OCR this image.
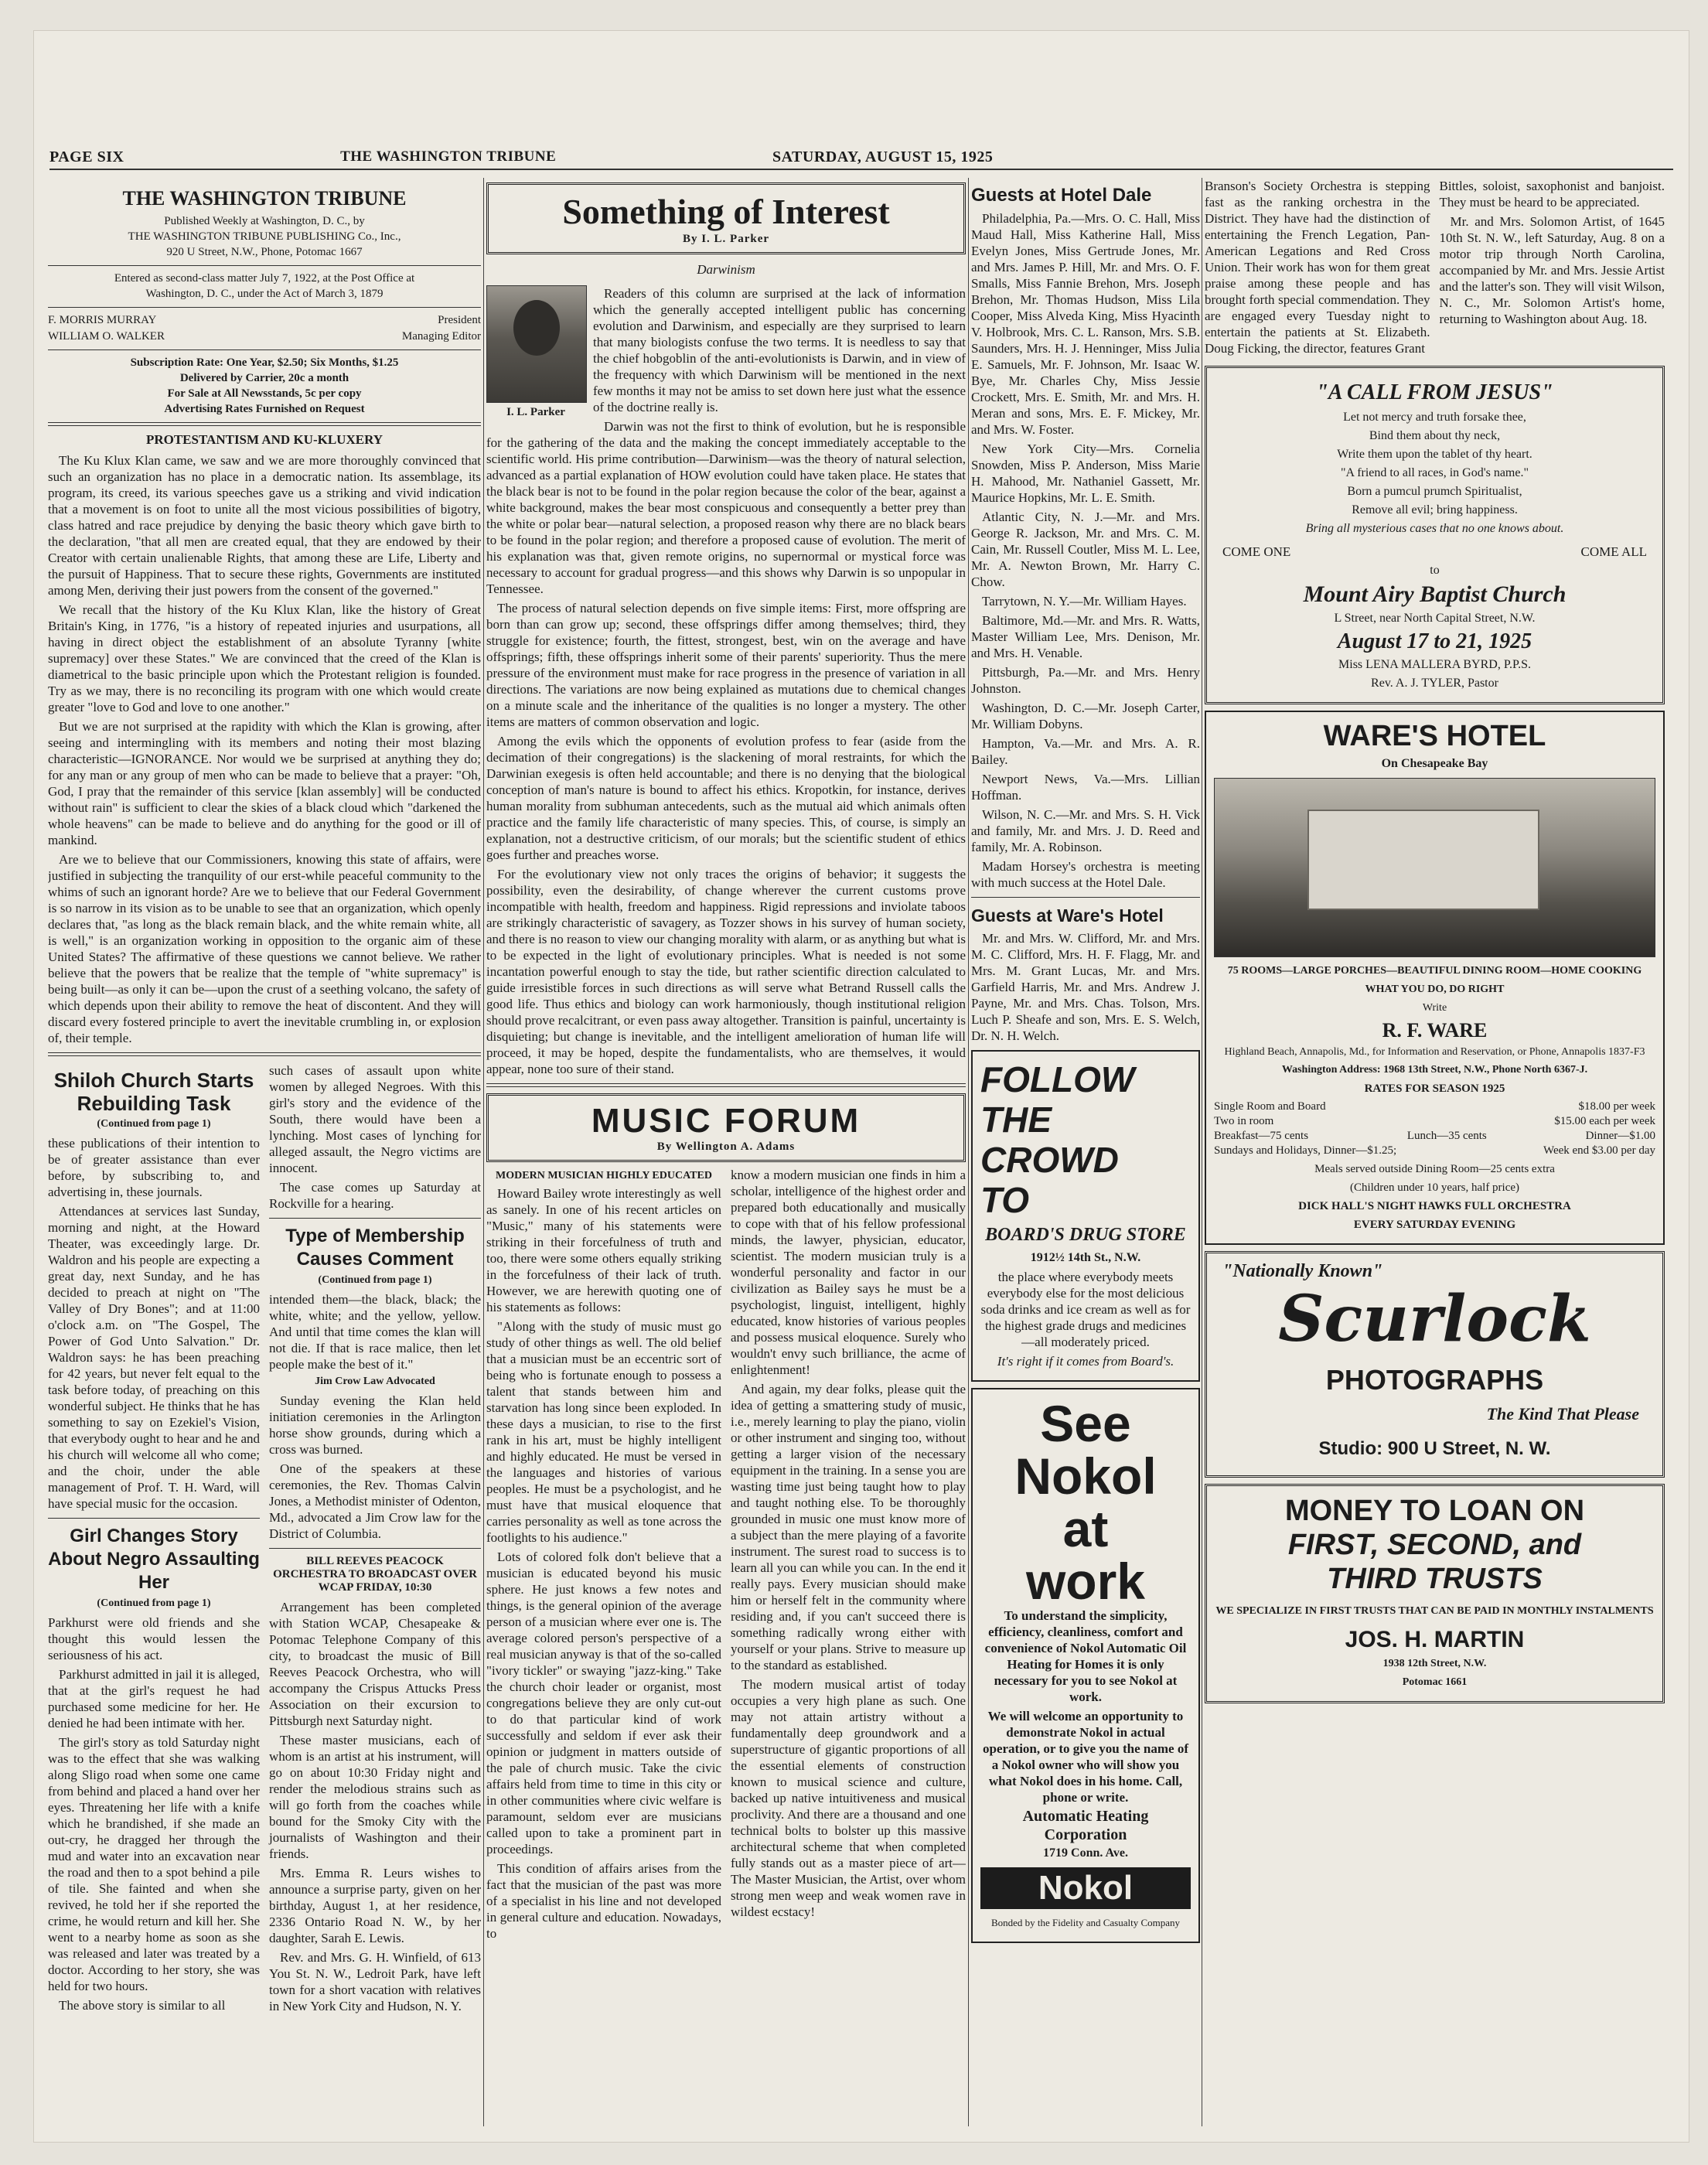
PAGE SIX	THE WASHINGTON TRIBUNE	SATURDAY, AUGUST 15, 1925
THE WASHINGTON TRIBUNE
Published Weekly at Washington, D. C., by
THE WASHINGTON TRIBUNE PUBLISHING Co., Inc.,
920 U Street, N.W., Phone, Potomac 1667
Entered as second-class matter July 7, 1922, at the Post Office at
Washington, D. C., under the Act of March 3, 1879
F. MORRIS MURRAY	President
WILLIAM O. WALKER	Managing Editor
Subscription Rate: One Year, $2.50; Six Months, $1.25
Delivered by Carrier, 20c a month
For Sale at All Newsstands, 5c per copy
Advertising Rates Furnished on Request
PROTESTANTISM AND KU-KLUXERY

The Ku Klux Klan came, we saw and we are more thoroughly convinced that such an organization has no place in a democratic nation. Its assemblage, its program, its creed, its various speeches gave us a striking and vivid indication that a movement is on foot to unite all the most vicious possibilities of bigotry, class hatred and race prejudice by denying the basic theory which gave birth to the declaration, "that all men are created equal, that they are endowed by their Creator with certain unalienable Rights, that among these are Life, Liberty and the pursuit of Happiness. That to secure these rights, Governments are instituted among Men, deriving their just powers from the consent of the governed."

We recall that the history of the Ku Klux Klan, like the history of Great Britain's King, in 1776, "is a history of repeated injuries and usurpations, all having in direct object the establishment of an absolute Tyranny [white supremacy] over these States." We are convinced that the creed of the Klan is diametrical to the basic principle upon which the Protestant religion is founded. Try as we may, there is no reconciling its program with one which would create greater "love to God and love to one another."

But we are not surprised at the rapidity with which the Klan is growing, after seeing and intermingling with its members and noting their most blazing characteristic—IGNORANCE. Nor would we be surprised at anything they do; for any man or any group of men who can be made to believe that a prayer: "Oh, God, I pray that the remainder of this service [klan assembly] will be conducted without rain" is sufficient to clear the skies of a black cloud which "darkened the whole heavens" can be made to believe and do anything for the good or ill of mankind.

Are we to believe that our Commissioners, knowing this state of affairs, were justified in subjecting the tranquility of our erst-while peaceful community to the whims of such an ignorant horde? Are we to believe that our Federal Government is so narrow in its vision as to be unable to see that an organization, which openly declares that, "as long as the black remain black, and the white remain white, all is well," is an organization working in opposition to the organic aim of these United States? The affirmative of these questions we cannot believe. We rather believe that the powers that be realize that the temple of "white supremacy" is being built—as only it can be—upon the crust of a seething volcano, the safety of which depends upon their ability to remove the heat of discontent. And they will discard every fostered principle to avert the inevitable crumbling in, or explosion of, their temple.

Shiloh Church Starts Rebuilding Task
(Continued from page 1)

these publications of their intention to be of greater assistance than ever before, by subscribing to, and advertising in, these journals.

Attendances at services last Sunday, morning and night, at the Howard Theater, was exceedingly large. Dr. Waldron and his people are expecting a great day, next Sunday, and he has decided to preach at night on "The Valley of Dry Bones"; and at 11:00 o'clock a.m. on "The Gospel, The Power of God Unto Salvation." Dr. Waldron says: he has been preaching for 42 years, but never felt equal to the task before today, of preaching on this wonderful subject. He thinks that he has something to say on Ezekiel's Vision, that everybody ought to hear and he and his church will welcome all who come; and the choir, under the able management of Prof. T. H. Ward, will have special music for the occasion.

Girl Changes Story About Negro Assaulting Her
(Continued from page 1)

Parkhurst were old friends and she thought this would lessen the seriousness of his act.

Parkhurst admitted in jail it is alleged, that at the girl's request he had purchased some medicine for her. He denied he had been intimate with her.

The girl's story as told Saturday night was to the effect that she was walking along Sligo road when some one came from behind and placed a hand over her eyes. Threatening her life with a knife which he brandished, if she made an out-cry, he dragged her through the mud and water into an excavation near the road and then to a spot behind a pile of tile. She fainted and when she revived, he told her if she reported the crime, he would return and kill her. She went to a nearby home as soon as she was released and later was treated by a doctor. According to her story, she was held for two hours.

The above story is similar to all

such cases of assault upon white women by alleged Negroes. With this girl's story and the evidence of the South, there would have been a lynching. Most cases of lynching for alleged assault, the Negro victims are innocent.

The case comes up Saturday at Rockville for a hearing.

Type of Membership Causes Comment
(Continued from page 1)

intended them—the black, black; the white, white; and the yellow, yellow. And until that time comes the klan will not die. If that is race malice, then let people make the best of it."

Jim Crow Law Advocated

Sunday evening the Klan held initiation ceremonies in the Arlington horse show grounds, during which a cross was burned.

One of the speakers at these ceremonies, the Rev. Thomas Calvin Jones, a Methodist minister of Odenton, Md., advocated a Jim Crow law for the District of Columbia.

BILL REEVES PEACOCK ORCHESTRA TO BROADCAST OVER WCAP FRIDAY, 10:30

Arrangement has been completed with Station WCAP, Chesapeake & Potomac Telephone Company of this city, to broadcast the music of Bill Reeves Peacock Orchestra, who will accompany the Crispus Attucks Press Association on their excursion to Pittsburgh next Saturday night.

These master musicians, each of whom is an artist at his instrument, will go on about 10:30 Friday night and render the melodious strains such as will go forth from the coaches while bound for the Smoky City with the journalists of Washington and their friends.

Mrs. Emma R. Leurs wishes to announce a surprise party, given on her birthday, August 1, at her residence, 2336 Ontario Road N. W., by her daughter, Sarah E. Lewis.

Rev. and Mrs. G. H. Winfield, of 613 You St. N. W., Ledroit Park, have left town for a short vacation with relatives in New York City and Hudson, N. Y.

Something of Interest
By I. L. Parker
Darwinism
I. L. Parker

Readers of this column are surprised at the lack of information which the generally accepted intelligent public has concerning evolution and Darwinism, and especially are they surprised to learn that many biologists confuse the two terms. It is needless to say that the chief hobgoblin of the anti-evolutionists is Darwin, and in view of the frequency with which Darwinism will be mentioned in the next few months it may not be amiss to set down here just what the essence of the doctrine really is.

Darwin was not the first to think of evolution, but he is responsible for the gathering of the data and the making the concept immediately acceptable to the scientific world. His prime contribution—Darwinism—was the theory of natural selection, advanced as a partial explanation of HOW evolution could have taken place. He states that the black bear is not to be found in the polar region because the color of the bear, against a white background, makes the bear most conspicuous and consequently a better prey than the white or polar bear—natural selection, a proposed reason why there are no black bears to be found in the polar region; and therefore a proposed cause of evolution. The merit of his explanation was that, given remote origins, no supernormal or mystical force was necessary to account for gradual progress—and this shows why Darwin is so unpopular in Tennessee.

The process of natural selection depends on five simple items: First, more offspring are born than can grow up; second, these offsprings differ among themselves; third, they struggle for existence; fourth, the fittest, strongest, best, win on the average and have offsprings; fifth, these offsprings inherit some of their parents' superiority. Thus the mere pressure of the environment must make for race progress in the presence of variation in all directions. The variations are now being explained as mutations due to chemical changes on a minute scale and the inheritance of the qualities is no longer a mystery. The other items are matters of common observation and logic.

Among the evils which the opponents of evolution profess to fear (aside from the decimation of their congregations) is the slackening of moral restraints, for which the Darwinian exegesis is often held accountable; and there is no denying that the biological conception of man's nature is bound to affect his ethics. Kropotkin, for instance, derives human morality from subhuman antecedents, such as the mutual aid which animals often practice and the family life characteristic of many species. This, of course, is simply an explanation, not a destructive criticism, of our morals; but the scientific student of ethics goes further and preaches worse.

For the evolutionary view not only traces the origins of behavior; it suggests the possibility, even the desirability, of change wherever the current customs prove incompatible with health, freedom and happiness. Rigid repressions and inviolate taboos are strikingly characteristic of savagery, as Tozzer shows in his survey of human society, and there is no reason to view our changing morality with alarm, or as anything but what is to be expected in the light of evolutionary principles. What is needed is not some incantation powerful enough to stay the tide, but rather scientific direction calculated to guide irresistible forces in such directions as will serve what Betrand Russell calls the good life. Thus ethics and biology can work harmoniously, though institutional religion should prove recalcitrant, or even pass away altogether. Transition is painful, uncertainty is disquieting; but change is inevitable, and the intelligent amelioration of human life will proceed, it may be hoped, despite the fundamentalists, who are themselves, it would appear, none too sure of their stand.

MUSIC FORUM
By Wellington A. Adams
MODERN MUSICIAN HIGHLY EDUCATED

Howard Bailey wrote interestingly as well as sanely. In one of his recent articles on "Music," many of his statements were striking in their forcefulness of truth and too, there were some others equally striking in the forcefulness of their lack of truth. However, we are herewith quoting one of his statements as follows:

"Along with the study of music must go study of other things as well. The old belief that a musician must be an eccentric sort of being who is fortunate enough to possess a talent that stands between him and starvation has long since been exploded. In these days a musician, to rise to the first rank in his art, must be highly intelligent and highly educated. He must be versed in the languages and histories of various peoples. He must be a psychologist, and he must have that musical eloquence that carries personality as well as tone across the footlights to his audience."

Lots of colored folk don't believe that a musician is educated beyond his music sphere. He just knows a few notes and things, is the general opinion of the average person of a musician where ever one is. The average colored person's perspective of a real musician anyway is that of the so-called "ivory tickler" or swaying "jazz-king." Take the church choir leader or organist, most congregations believe they are only cut-out to do that particular kind of work successfully and seldom if ever ask their opinion or judgment in matters outside of the pale of church music. Take the civic affairs held from time to time in this city or in other communities where civic welfare is paramount, seldom ever are musicians called upon to take a prominent part in proceedings.

This condition of affairs arises from the fact that the musician of the past was more of a specialist in his line and not developed in general culture and education. Nowadays, to

know a modern musician one finds in him a scholar, intelligence of the highest order and prepared both educationally and musically to cope with that of his fellow professional minds, the lawyer, physician, educator, scientist. The modern musician truly is a wonderful personality and factor in our civilization as Bailey says he must be a psychologist, linguist, intelligent, highly educated, know histories of various peoples and possess musical eloquence. Surely who wouldn't envy such brilliance, the acme of enlightenment!

And again, my dear folks, please quit the idea of getting a smattering study of music, i.e., merely learning to play the piano, violin or other instrument and singing too, without getting a larger vision of the necessary equipment in the training. In a sense you are wasting time just being taught how to play and taught nothing else. To be thoroughly grounded in music one must know more of a subject than the mere playing of a favorite instrument. The surest road to success is to learn all you can while you can. In the end it really pays. Every musician should make him or herself felt in the community where residing and, if you can't succeed there is something radically wrong either with yourself or your plans. Strive to measure up to the standard as established.

The modern musical artist of today occupies a very high plane as such. One may not attain artistry without a fundamentally deep groundwork and a superstructure of gigantic proportions of all the essential elements of construction known to musical science and culture, backed up native intuitiveness and musical proclivity. And there are a thousand and one technical bolts to bolster up this massive architectural scheme that when completed fully stands out as a master piece of art—The Master Musician, the Artist, over whom strong men weep and weak women rave in wildest ecstacy!

Guests at Hotel Dale

Philadelphia, Pa.—Mrs. O. C. Hall, Miss Maud Hall, Miss Katherine Hall, Miss Evelyn Jones, Miss Gertrude Jones, Mr. and Mrs. James P. Hill, Mr. and Mrs. O. F. Smalls, Miss Fannie Brehon, Mrs. Joseph Brehon, Mr. Thomas Hudson, Miss Lila Cooper, Miss Alveda King, Miss Hyacinth V. Holbrook, Mrs. C. L. Ranson, Mrs. S.B. Saunders, Mrs. H. J. Henninger, Miss Julia E. Samuels, Mr. F. Johnson, Mr. Isaac W. Bye, Mr. Charles Chy, Miss Jessie Crockett, Mrs. E. Smith, Mr. and Mrs. H. Meran and sons, Mrs. E. F. Mickey, Mr. and Mrs. W. Foster.

New York City—Mrs. Cornelia Snowden, Miss P. Anderson, Miss Marie H. Mahood, Mr. Nathaniel Gassett, Mr. Maurice Hopkins, Mr. L. E. Smith.

Atlantic City, N. J.—Mr. and Mrs. George R. Jackson, Mr. and Mrs. C. M. Cain, Mr. Russell Coutler, Miss M. L. Lee, Mr. A. Newton Brown, Mr. Harry C. Chow.

Tarrytown, N. Y.—Mr. William Hayes.

Baltimore, Md.—Mr. and Mrs. R. Watts, Master William Lee, Mrs. Denison, Mr. and Mrs. H. Venable.

Pittsburgh, Pa.—Mr. and Mrs. Henry Johnston.

Washington, D. C.—Mr. Joseph Carter, Mr. William Dobyns.

Hampton, Va.—Mr. and Mrs. A. R. Bailey.

Newport News, Va.—Mrs. Lillian Hoffman.

Wilson, N. C.—Mr. and Mrs. S. H. Vick and family, Mr. and Mrs. J. D. Reed and family, Mr. A. Robinson.

Madam Horsey's orchestra is meeting with much success at the Hotel Dale.

Guests at Ware's Hotel

Mr. and Mrs. W. Clifford, Mr. and Mrs. M. C. Clifford, Mrs. H. F. Flagg, Mr. and Mrs. M. Grant Lucas, Mr. and Mrs. Garfield Harris, Mr. and Mrs. Andrew J. Payne, Mr. and Mrs. Chas. Tolson, Mrs. Luch P. Sheafe and son, Mrs. E. S. Welch, Dr. N. H. Welch.

FOLLOW
THE
CROWD
TO
BOARD'S DRUG STORE
1912½ 14th St., N.W.

the place where everybody meets everybody else for the most delicious soda drinks and ice cream as well as for the highest grade drugs and medicines—all moderately priced.

It's right if it comes from Board's.

See
Nokol
at
work

To understand the simplicity, efficiency, cleanliness, comfort and convenience of Nokol Automatic Oil Heating for Homes it is only necessary for you to see Nokol at work.

We will welcome an opportunity to demonstrate Nokol in actual operation, or to give you the name of a Nokol owner who will show you what Nokol does in his home. Call, phone or write.

Automatic Heating
Corporation
1719 Conn. Ave.
Nokol
Bonded by the Fidelity and Casualty Company

Branson's Society Orchestra is stepping fast as the ranking orchestra in the District. They have had the distinction of entertaining the French Legation, Pan-American Legations and Red Cross Union. Their work has won for them great praise among these people and has brought forth special commendation. They are engaged every Tuesday night to entertain the patients at St. Elizabeth. Doug Ficking, the director, features Grant

Bittles, soloist, saxophonist and banjoist. They must be heard to be appreciated.

Mr. and Mrs. Solomon Artist, of 1645 10th St. N. W., left Saturday, Aug. 8 on a motor trip through North Carolina, accompanied by Mr. and Mrs. Jessie Artist and the latter's son. They will visit Wilson, N. C., Mr. Solomon Artist's home, returning to Washington about Aug. 18.

"A CALL FROM JESUS"
Let not mercy and truth forsake thee,
Bind them about thy neck,
Write them upon the tablet of thy heart.
"A friend to all races, in God's name."
Born a pumcul prumch Spiritualist,
Remove all evil; bring happiness.
Bring all mysterious cases that no one knows about.
COME ONE	COME ALL
to
Mount Airy Baptist Church
L Street, near North Capital Street, N.W.
August 17 to 21, 1925
Miss LENA MALLERA BYRD, P.P.S.
Rev. A. J. TYLER, Pastor
WARE'S HOTEL
On Chesapeake Bay
75 ROOMS—LARGE PORCHES—BEAUTIFUL DINING ROOM—HOME COOKING
WHAT YOU DO, DO RIGHT
Write
R. F. WARE
Highland Beach, Annapolis, Md., for Information and Reservation, or Phone, Annapolis 1837-F3
Washington Address: 1968 13th Street, N.W., Phone North 6367-J.
RATES FOR SEASON 1925
Single Room and Board	$18.00 per week
Two in room	$15.00 each per week
Breakfast—75 cents	Lunch—35 cents	Dinner—$1.00
Sundays and Holidays, Dinner—$1.25;	Week end $3.00 per day
Meals served outside Dining Room—25 cents extra
(Children under 10 years, half price)
DICK HALL'S NIGHT HAWKS FULL ORCHESTRA
EVERY SATURDAY EVENING
"Nationally Known"
Scurlock
PHOTOGRAPHS
The Kind That Please
Studio: 900 U Street, N. W.
MONEY TO LOAN ON
FIRST, SECOND, and
THIRD TRUSTS
WE SPECIALIZE IN FIRST TRUSTS THAT CAN BE PAID IN MONTHLY INSTALMENTS
JOS. H. MARTIN
1938 12th Street, N.W.
Potomac 1661
